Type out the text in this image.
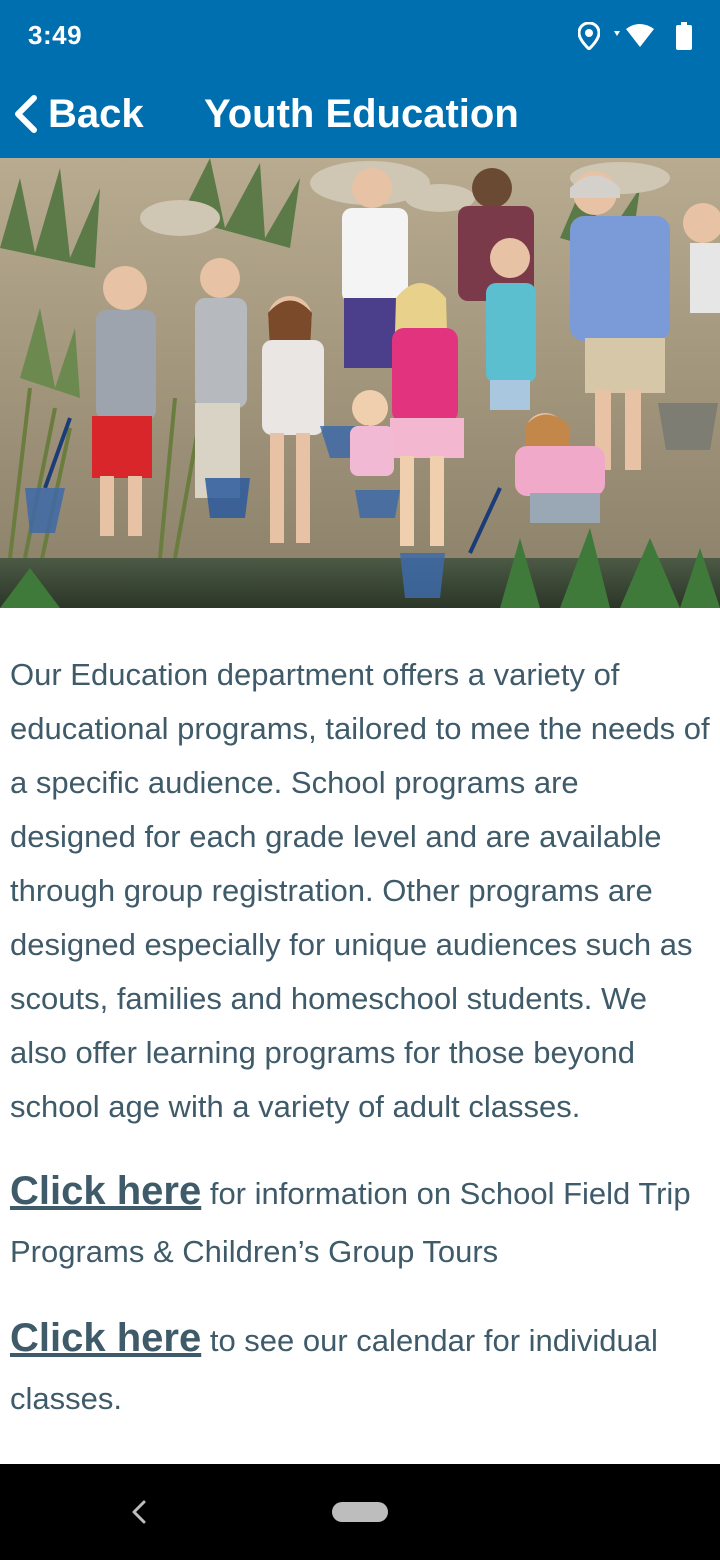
3:49
Back Youth Education

Our Education department offers a variety of educational programs, tailored to mee the needs of a specific audience. School programs are designed for each grade level and are available through group registration. Other programs are designed especially for unique audiences such as scouts, families and homeschool students. We also offer learning programs for those beyond school age with a variety of adult classes.

Click here for information on School Field Trip Programs & Children’s Group Tours

Click here to see our calendar for individual classes.
